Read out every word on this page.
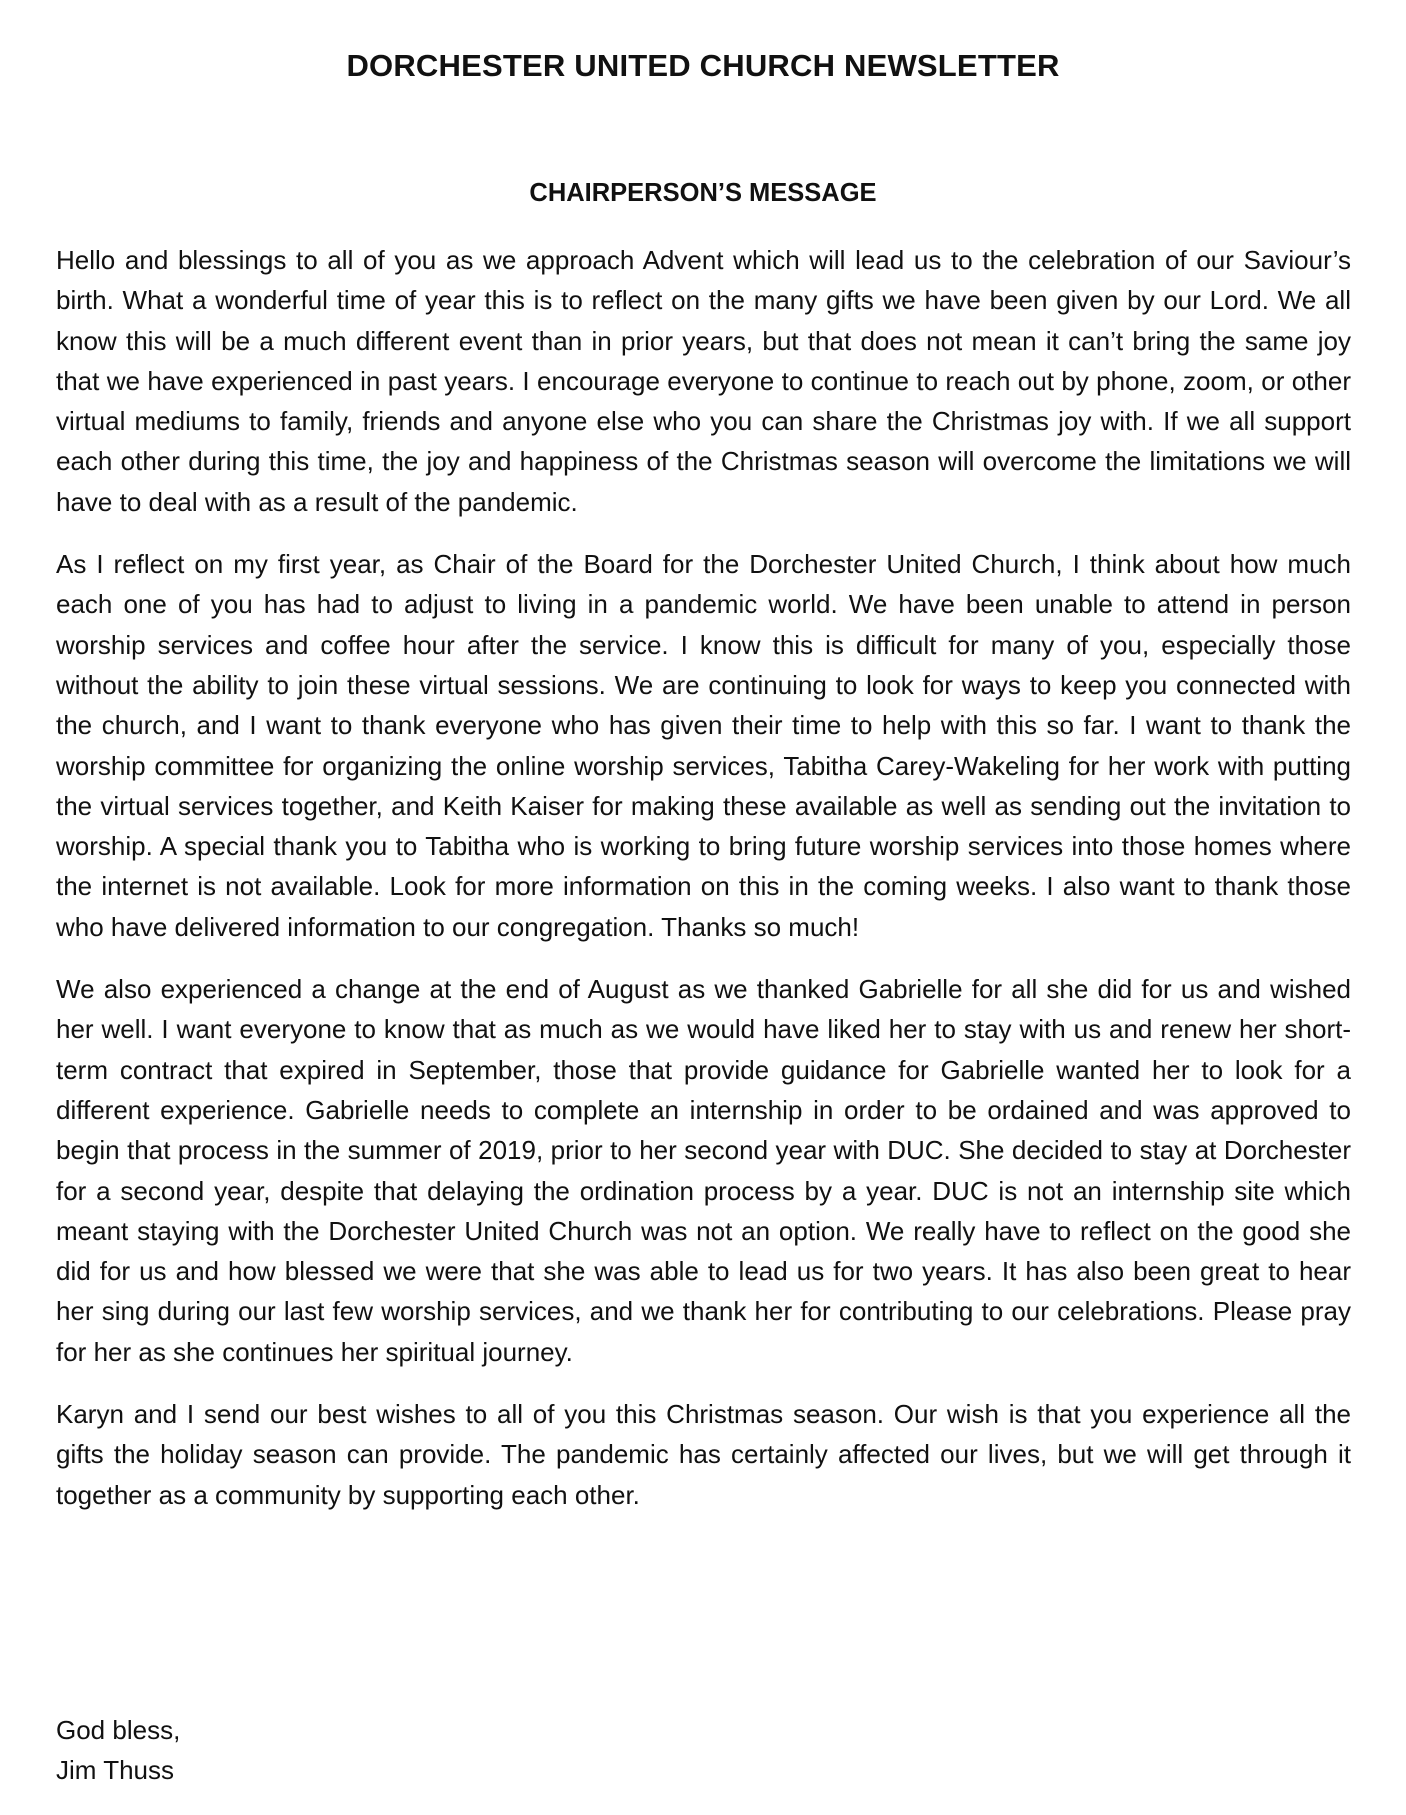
DORCHESTER UNITED CHURCH NEWSLETTER
CHAIRPERSON’S MESSAGE

Hello and blessings to all of you as we approach Advent which will lead us to the celebration of our Saviour’s birth. What a wonderful time of year this is to reflect on the many gifts we have been given by our Lord. We all know this will be a much different event than in prior years, but that does not mean it can’t bring the same joy that we have experienced in past years. I encourage everyone to continue to reach out by phone, zoom, or other virtual mediums to family, friends and anyone else who you can share the Christmas joy with. If we all support each other during this time, the joy and happiness of the Christmas season will overcome the limitations we will have to deal with as a result of the pandemic.

As I reflect on my first year, as Chair of the Board for the Dorchester United Church, I think about how much each one of you has had to adjust to living in a pandemic world. We have been unable to attend in person worship services and coffee hour after the service. I know this is difficult for many of you, especially those without the ability to join these virtual sessions. We are continuing to look for ways to keep you connected with the church, and I want to thank everyone who has given their time to help with this so far. I want to thank the worship committee for organizing the online worship services, Tabitha Carey-Wakeling for her work with putting the virtual services together, and Keith Kaiser for making these available as well as sending out the invitation to worship. A special thank you to Tabitha who is working to bring future worship services into those homes where the internet is not available. Look for more information on this in the coming weeks. I also want to thank those who have delivered information to our congregation. Thanks so much!

We also experienced a change at the end of August as we thanked Gabrielle for all she did for us and wished her well. I want everyone to know that as much as we would have liked her to stay with us and renew her short-term contract that expired in September, those that provide guidance for Gabrielle wanted her to look for a different experience. Gabrielle needs to complete an internship in order to be ordained and was approved to begin that process in the summer of 2019, prior to her second year with DUC. She decided to stay at Dorchester for a second year, despite that delaying the ordination process by a year. DUC is not an internship site which meant staying with the Dorchester United Church was not an option. We really have to reflect on the good she did for us and how blessed we were that she was able to lead us for two years. It has also been great to hear her sing during our last few worship services, and we thank her for contributing to our celebrations. Please pray for her as she continues her spiritual journey.

Karyn and I send our best wishes to all of you this Christmas season. Our wish is that you experience all the gifts the holiday season can provide. The pandemic has certainly affected our lives, but we will get through it together as a community by supporting each other.

God bless,
Jim Thuss
